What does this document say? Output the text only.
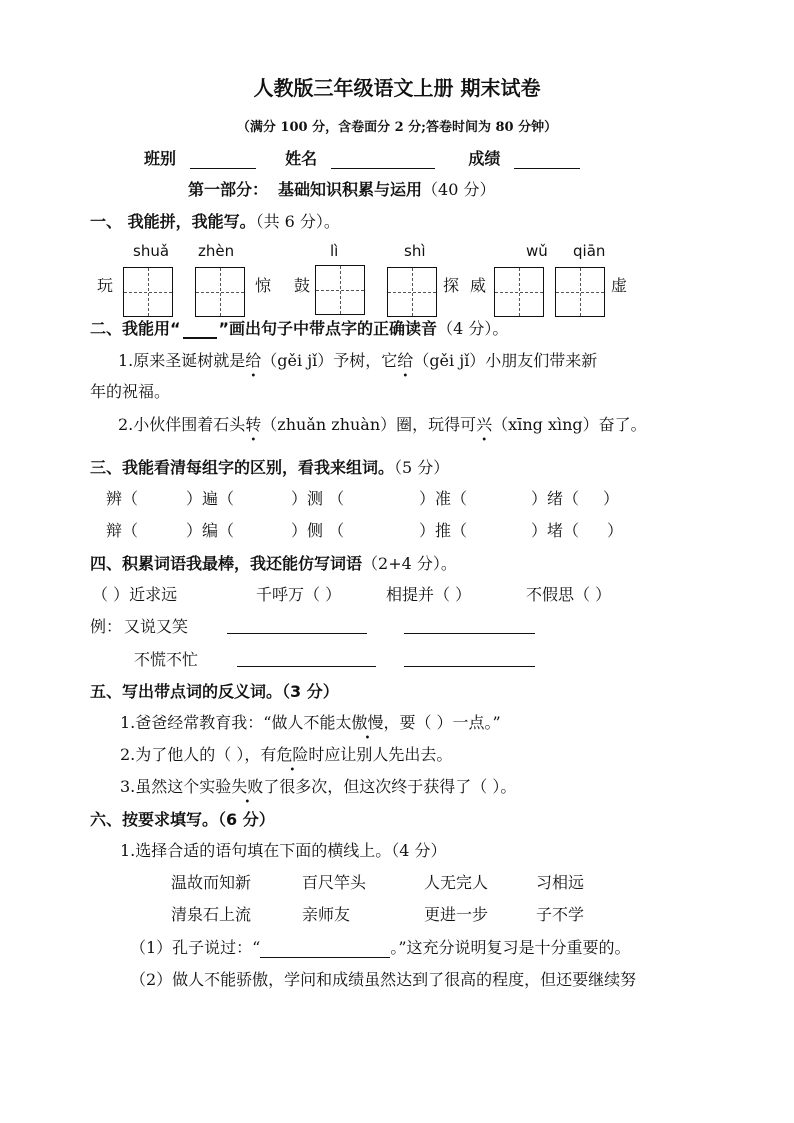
人教版三年级语文上册 期末试卷
（满分 100 分，含卷面分 2 分;答卷时间为 80 分钟）
班别	姓名	成绩
第一部分： 基础知识积累与运用（40 分）
一、 我能拼，我能写。（共 6 分）。
shuǎ zhèn	lì	shì	wǔ qiān
玩	惊 鼓	探 威	虚
二、我能用“ ”画出句子中带点字的正确读音（4 分）。
1.原来圣诞树就是给（gěi jǐ）予树，它给（gěi jǐ）小朋友们带来新
年的祝福。
2.小伙伴围着石头转（zhuǎn zhuàn）圈，玩得可兴（xīng xìng）奋了。
三、我能看清每组字的区别，看我来组词。（5 分）
辨（	）遍（	）测 （	）准（	）绪（ ）
辩（	）编（	）侧 （	）推（	）堵（ ）
四、积累词语我最棒，我还能仿写词语（2+4 分）。
（ ）近求远	千呼万（ ）	相提并（ ）	不假思（ ）
例： 又说又笑
不慌不忙
五、写出带点词的反义词。（3 分）
1.爸爸经常教育我：“做人不能太傲慢，要（ ）一点。”
2.为了他人的（ ），有危险时应让别人先出去。
3.虽然这个实验失败了很多次，但这次终于获得了（ ）。
六、按要求填写。（6 分）
1.选择合适的语句填在下面的横线上。（4 分）
温故而知新	百尺竿头	人无完人	习相远
清泉石上流	亲师友	更进一步	子不学
（1）孔子说过：“	。”这充分说明复习是十分重要的。
（2）做人不能骄傲，学问和成绩虽然达到了很高的程度，但还要继续努
